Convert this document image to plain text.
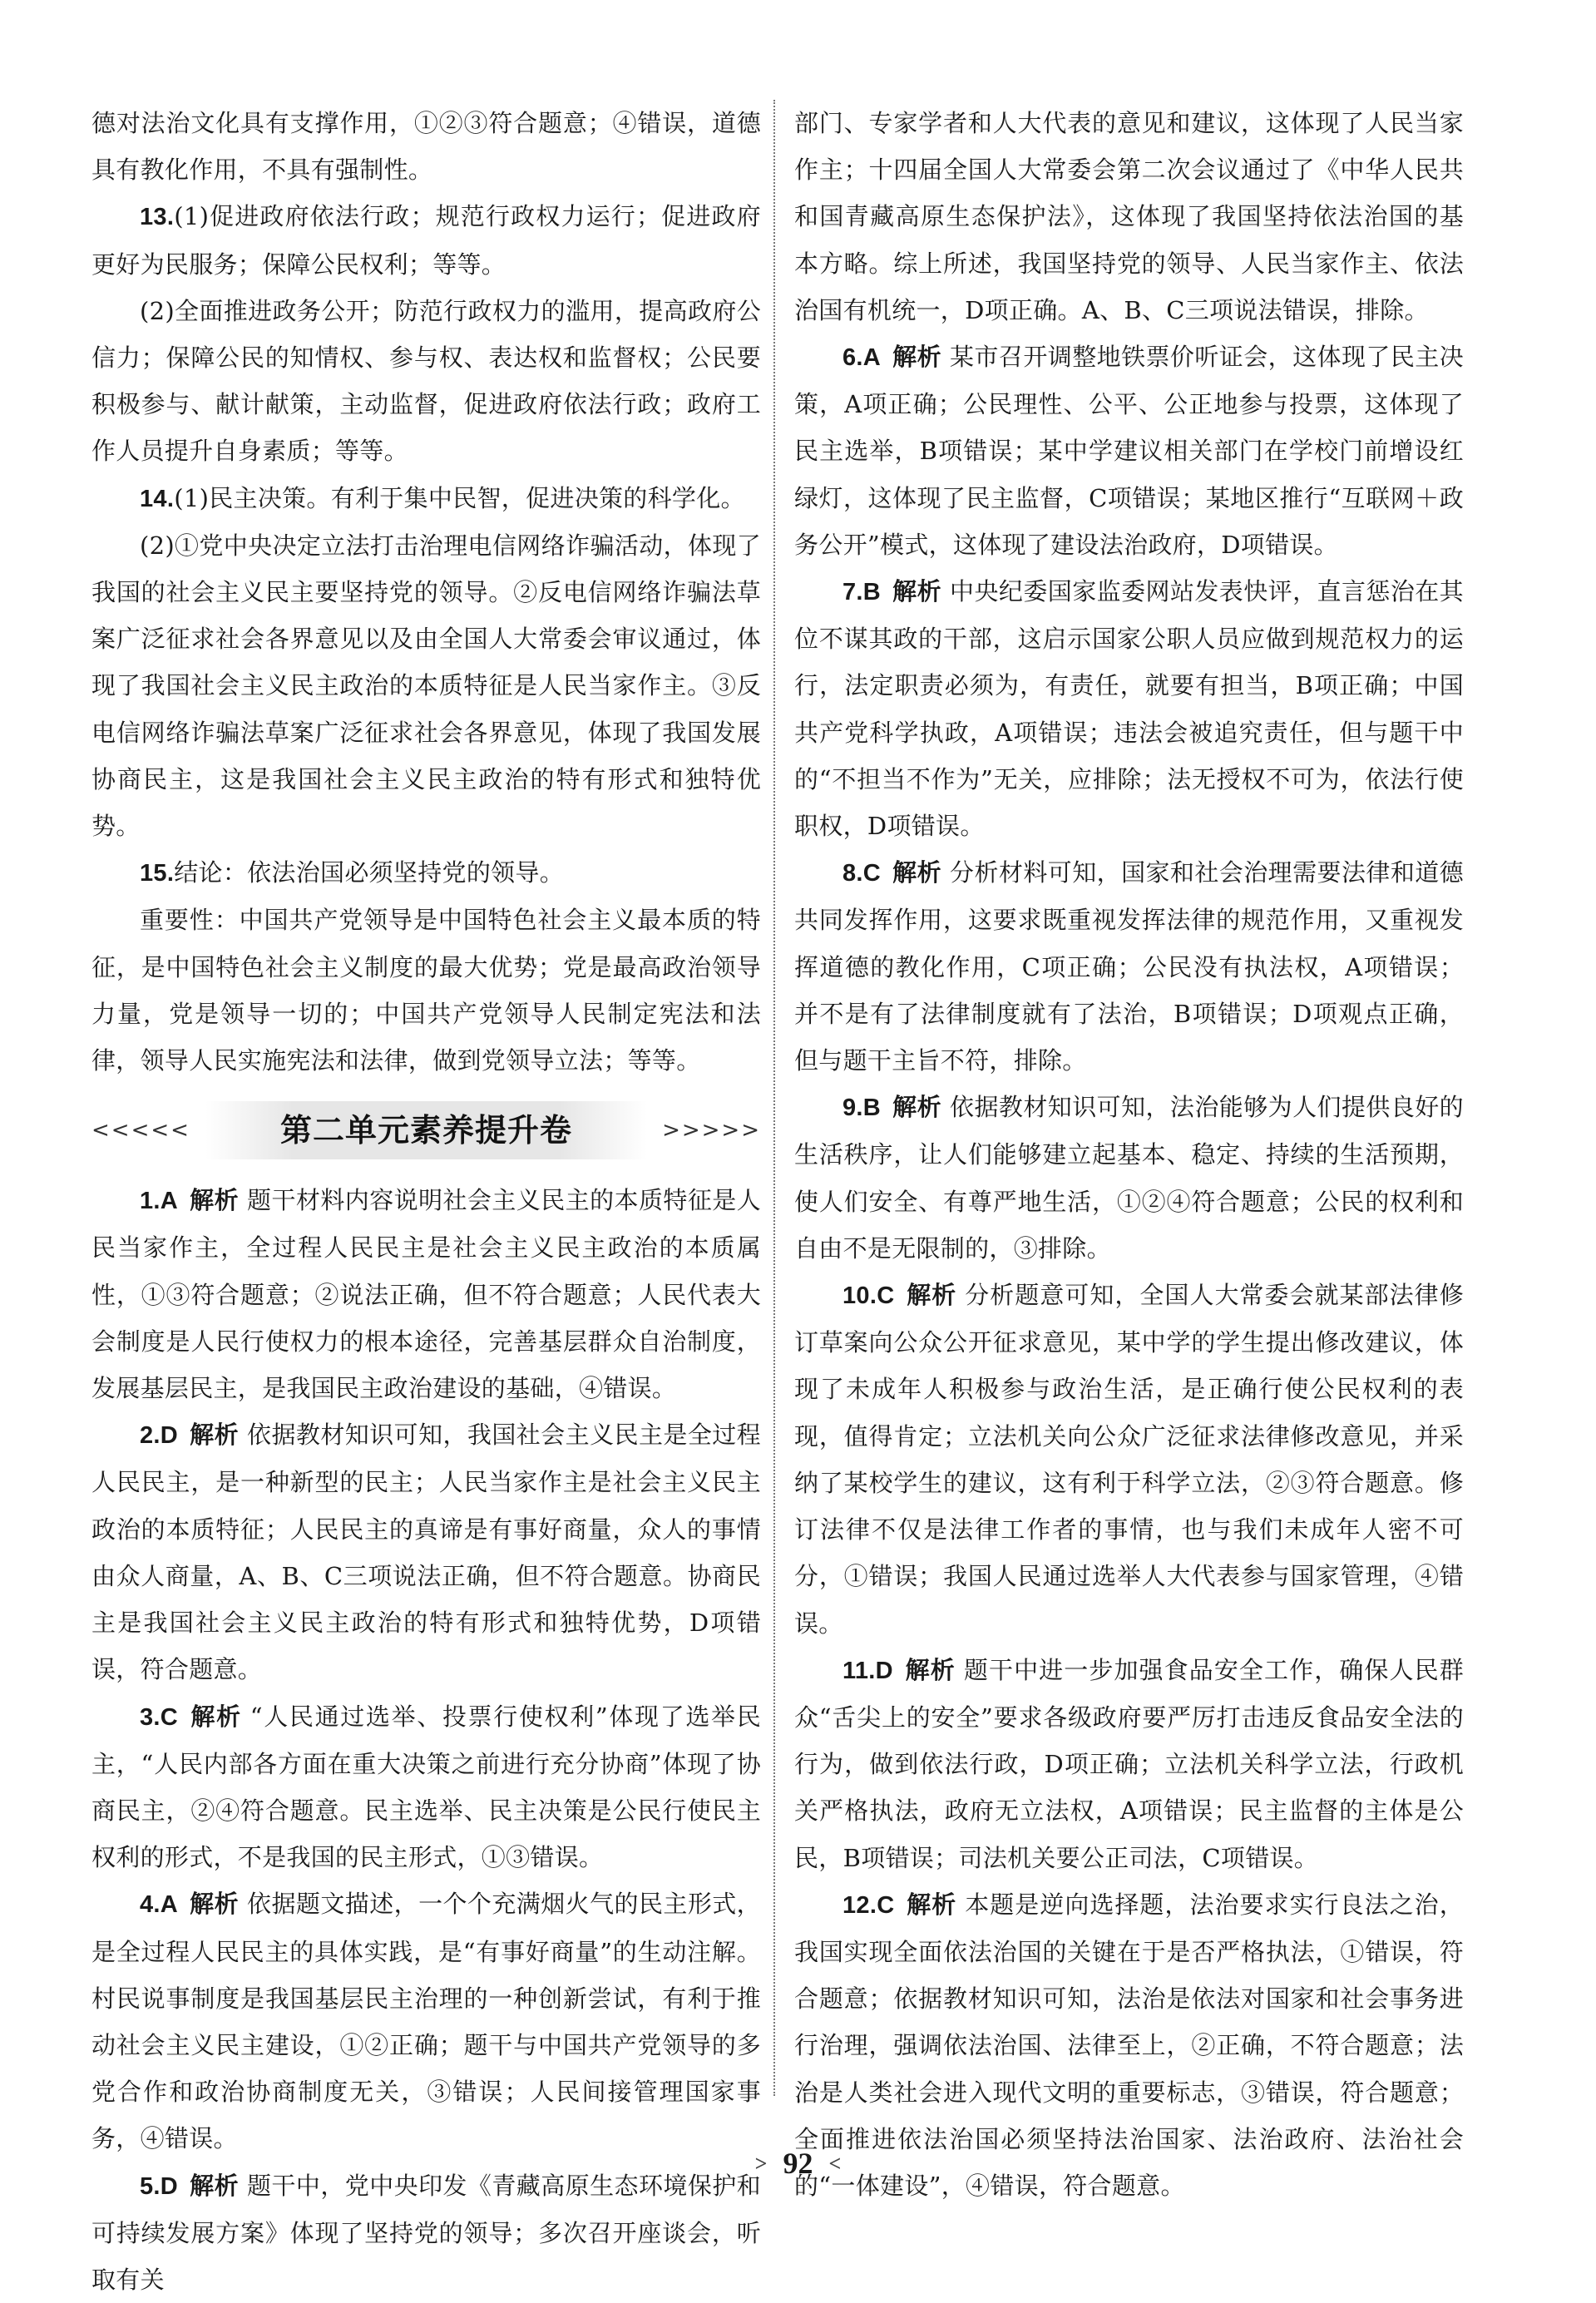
德对法治文化具有支撑作用，①②③符合题意；④错误，道德具有教化作用，不具有强制性。

13.(1)促进政府依法行政；规范行政权力运行；促进政府更好为民服务；保障公民权利；等等。

(2)全面推进政务公开；防范行政权力的滥用，提高政府公信力；保障公民的知情权、参与权、表达权和监督权；公民要积极参与、献计献策，主动监督，促进政府依法行政；政府工作人员提升自身素质；等等。

14.(1)民主决策。有利于集中民智，促进决策的科学化。

(2)①党中央决定立法打击治理电信网络诈骗活动，体现了我国的社会主义民主要坚持党的领导。②反电信网络诈骗法草案广泛征求社会各界意见以及由全国人大常委会审议通过，体现了我国社会主义民主政治的本质特征是人民当家作主。③反电信网络诈骗法草案广泛征求社会各界意见，体现了我国发展协商民主，这是我国社会主义民主政治的特有形式和独特优势。

15.结论：依法治国必须坚持党的领导。

重要性：中国共产党领导是中国特色社会主义最本质的特征，是中国特色社会主义制度的最大优势；党是最高政治领导力量，党是领导一切的；中国共产党领导人民制定宪法和法律，领导人民实施宪法和法律，做到党领导立法；等等。

<<<<<	第二单元素养提升卷	>>>>>

1.A 解析 题干材料内容说明社会主义民主的本质特征是人民当家作主，全过程人民民主是社会主义民主政治的本质属性，①③符合题意；②说法正确，但不符合题意；人民代表大会制度是人民行使权力的根本途径，完善基层群众自治制度，发展基层民主，是我国民主政治建设的基础，④错误。

2.D 解析 依据教材知识可知，我国社会主义民主是全过程人民民主，是一种新型的民主；人民当家作主是社会主义民主政治的本质特征；人民民主的真谛是有事好商量，众人的事情由众人商量，A、B、C三项说法正确，但不符合题意。协商民主是我国社会主义民主政治的特有形式和独特优势，D项错误，符合题意。

3.C 解析 “人民通过选举、投票行使权利”体现了选举民主，“人民内部各方面在重大决策之前进行充分协商”体现了协商民主，②④符合题意。民主选举、民主决策是公民行使民主权利的形式，不是我国的民主形式，①③错误。

4.A 解析 依据题文描述，一个个充满烟火气的民主形式，是全过程人民民主的具体实践，是“有事好商量”的生动注解。村民说事制度是我国基层民主治理的一种创新尝试，有利于推动社会主义民主建设，①②正确；题干与中国共产党领导的多党合作和政治协商制度无关，③错误；人民间接管理国家事务，④错误。

5.D 解析 题干中，党中央印发《青藏高原生态环境保护和可持续发展方案》体现了坚持党的领导；多次召开座谈会，听取有关

部门、专家学者和人大代表的意见和建议，这体现了人民当家作主；十四届全国人大常委会第二次会议通过了《中华人民共和国青藏高原生态保护法》，这体现了我国坚持依法治国的基本方略。综上所述，我国坚持党的领导、人民当家作主、依法治国有机统一，D项正确。A、B、C三项说法错误，排除。

6.A 解析 某市召开调整地铁票价听证会，这体现了民主决策，A项正确；公民理性、公平、公正地参与投票，这体现了民主选举，B项错误；某中学建议相关部门在学校门前增设红绿灯，这体现了民主监督，C项错误；某地区推行“互联网＋政务公开”模式，这体现了建设法治政府，D项错误。

7.B 解析 中央纪委国家监委网站发表快评，直言惩治在其位不谋其政的干部，这启示国家公职人员应做到规范权力的运行，法定职责必须为，有责任，就要有担当，B项正确；中国共产党科学执政，A项错误；违法会被追究责任，但与题干中的“不担当不作为”无关，应排除；法无授权不可为，依法行使职权，D项错误。

8.C 解析 分析材料可知，国家和社会治理需要法律和道德共同发挥作用，这要求既重视发挥法律的规范作用，又重视发挥道德的教化作用，C项正确；公民没有执法权，A项错误；并不是有了法律制度就有了法治，B项错误；D项观点正确，但与题干主旨不符，排除。

9.B 解析 依据教材知识可知，法治能够为人们提供良好的生活秩序，让人们能够建立起基本、稳定、持续的生活预期，使人们安全、有尊严地生活，①②④符合题意；公民的权利和自由不是无限制的，③排除。

10.C 解析 分析题意可知，全国人大常委会就某部法律修订草案向公众公开征求意见，某中学的学生提出修改建议，体现了未成年人积极参与政治生活，是正确行使公民权利的表现，值得肯定；立法机关向公众广泛征求法律修改意见，并采纳了某校学生的建议，这有利于科学立法，②③符合题意。修订法律不仅是法律工作者的事情，也与我们未成年人密不可分，①错误；我国人民通过选举人大代表参与国家管理，④错误。

11.D 解析 题干中进一步加强食品安全工作，确保人民群众“舌尖上的安全”要求各级政府要严厉打击违反食品安全法的行为，做到依法行政，D项正确；立法机关科学立法，行政机关严格执法，政府无立法权，A项错误；民主监督的主体是公民，B项错误；司法机关要公正司法，C项错误。

12.C 解析 本题是逆向选择题，法治要求实行良法之治，我国实现全面依法治国的关键在于是否严格执法，①错误，符合题意；依据教材知识可知，法治是依法对国家和社会事务进行治理，强调依法治国、法律至上，②正确，不符合题意；法治是人类社会进入现代文明的重要标志，③错误，符合题意；全面推进依法治国必须坚持法治国家、法治政府、法治社会的“一体建设”，④错误，符合题意。

> 92 <
